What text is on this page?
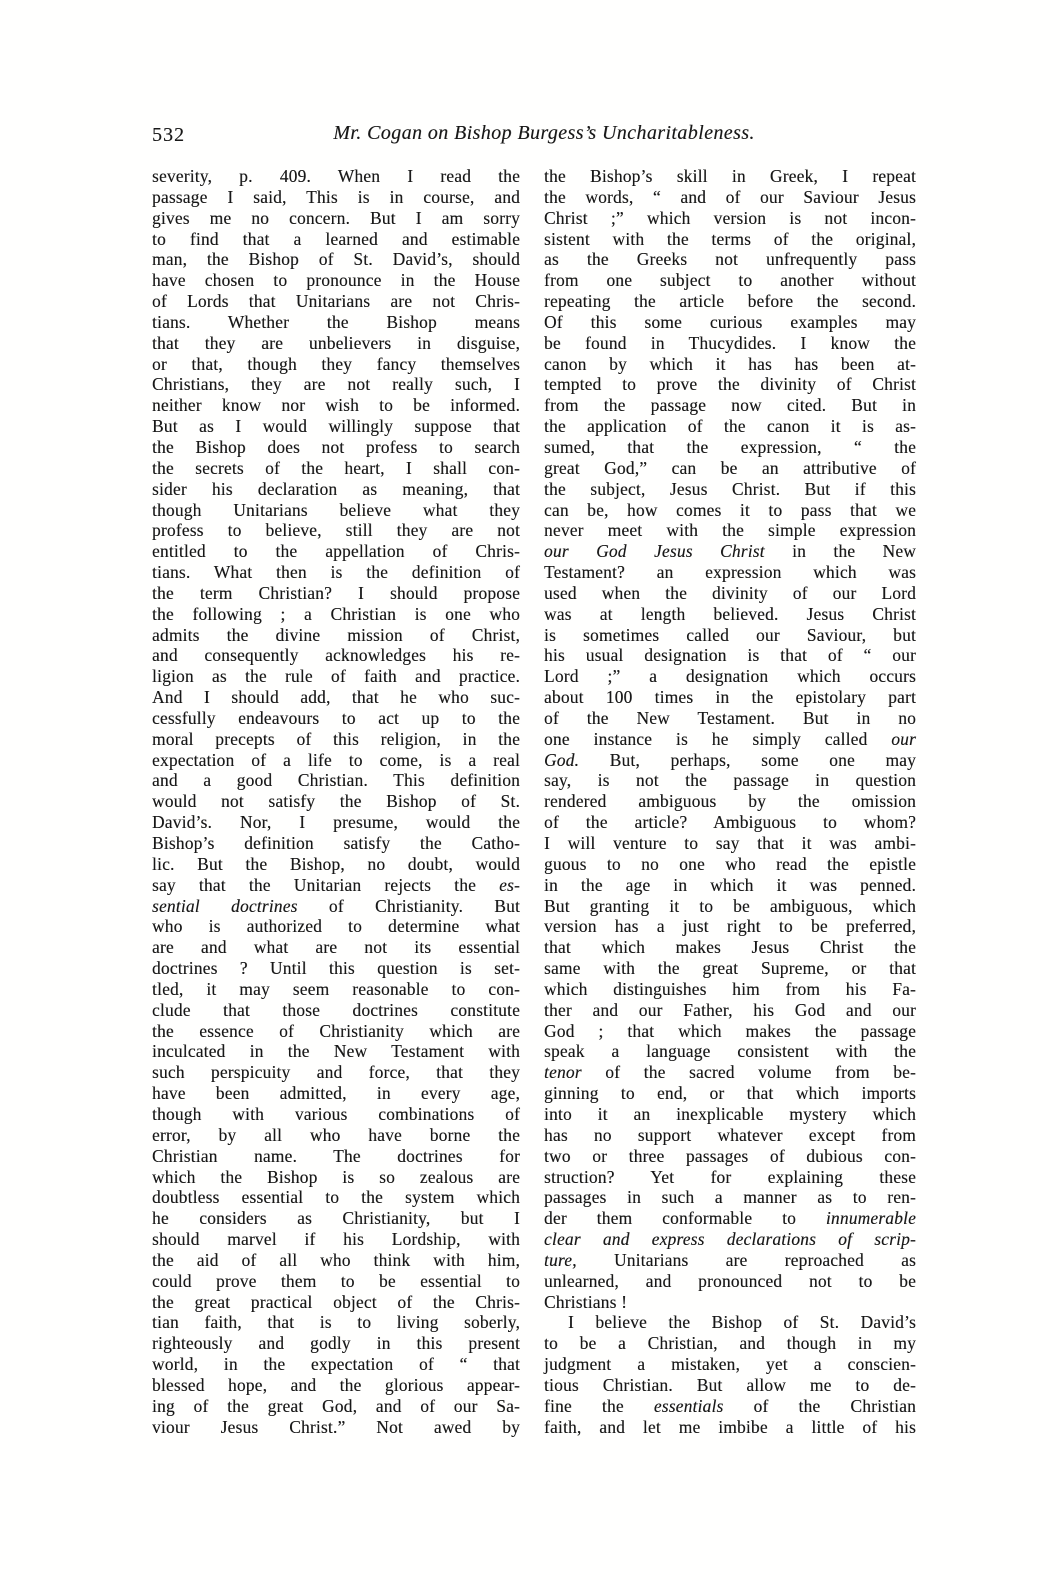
532	Mr. Cogan on Bishop Burgess’s Uncharitableness.
severity, p. 409. When I read the
passage I said, This is in course, and
gives me no concern. But I am sorry
to find that a learned and estimable
man, the Bishop of St. David’s, should
have chosen to pronounce in the House
of Lords that Unitarians are not Chris-
tians. Whether the Bishop means
that they are unbelievers in disguise,
or that, though they fancy themselves
Christians, they are not really such, I
neither know nor wish to be informed.
But as I would willingly suppose that
the Bishop does not profess to search
the secrets of the heart, I shall con-
sider his declaration as meaning, that
though Unitarians believe what they
profess to believe, still they are not
entitled to the appellation of Chris-
tians. What then is the definition of
the term Christian? I should propose
the following ; a Christian is one who
admits the divine mission of Christ,
and consequently acknowledges his re-
ligion as the rule of faith and practice.
And I should add, that he who suc-
cessfully endeavours to act up to the
moral precepts of this religion, in the
expectation of a life to come, is a real
and a good Christian. This definition
would not satisfy the Bishop of St.
David’s. Nor, I presume, would the
Bishop’s definition satisfy the Catho-
lic. But the Bishop, no doubt, would
say that the Unitarian rejects the es-
sential doctrines of Christianity. But
who is authorized to determine what
are and what are not its essential
doctrines ? Until this question is set-
tled, it may seem reasonable to con-
clude that those doctrines constitute
the essence of Christianity which are
inculcated in the New Testament with
such perspicuity and force, that they
have been admitted, in every age,
though with various combinations of
error, by all who have borne the
Christian name. The doctrines for
which the Bishop is so zealous are
doubtless essential to the system which
he considers as Christianity, but I
should marvel if his Lordship, with
the aid of all who think with him,
could prove them to be essential to
the great practical object of the Chris-
tian faith, that is to living soberly,
righteously and godly in this present
world, in the expectation of “ that
blessed hope, and the glorious appear-
ing of the great God, and of our Sa-
viour Jesus Christ.” Not awed by
the Bishop’s skill in Greek, I repeat
the words, “ and of our Saviour Jesus
Christ ;” which version is not incon-
sistent with the terms of the original,
as the Greeks not unfrequently pass
from one subject to another without
repeating the article before the second.
Of this some curious examples may
be found in Thucydides. I know the
canon by which it has has been at-
tempted to prove the divinity of Christ
from the passage now cited. But in
the application of the canon it is as-
sumed, that the expression, “ the
great God,” can be an attributive of
the subject, Jesus Christ. But if this
can be, how comes it to pass that we
never meet with the simple expression
our God Jesus Christ in the New
Testament? an expression which was
used when the divinity of our Lord
was at length believed. Jesus Christ
is sometimes called our Saviour, but
his usual designation is that of “ our
Lord ;” a designation which occurs
about 100 times in the epistolary part
of the New Testament. But in no
one instance is he simply called our
God. But, perhaps, some one may
say, is not the passage in question
rendered ambiguous by the omission
of the article? Ambiguous to whom?
I will venture to say that it was ambi-
guous to no one who read the epistle
in the age in which it was penned.
But granting it to be ambiguous, which
version has a just right to be preferred,
that which makes Jesus Christ the
same with the great Supreme, or that
which distinguishes him from his Fa-
ther and our Father, his God and our
God ; that which makes the passage
speak a language consistent with the
tenor of the sacred volume from be-
ginning to end, or that which imports
into it an inexplicable mystery which
has no support whatever except from
two or three passages of dubious con-
struction? Yet for explaining these
passages in such a manner as to ren-
der them conformable to innumerable
clear and express declarations of scrip-
ture, Unitarians are reproached as
unlearned, and pronounced not to be
Christians !
I believe the Bishop of St. David’s
to be a Christian, and though in my
judgment a mistaken, yet a conscien-
tious Christian. But allow me to de-
fine the essentials of the Christian
faith, and let me imbibe a little of his
